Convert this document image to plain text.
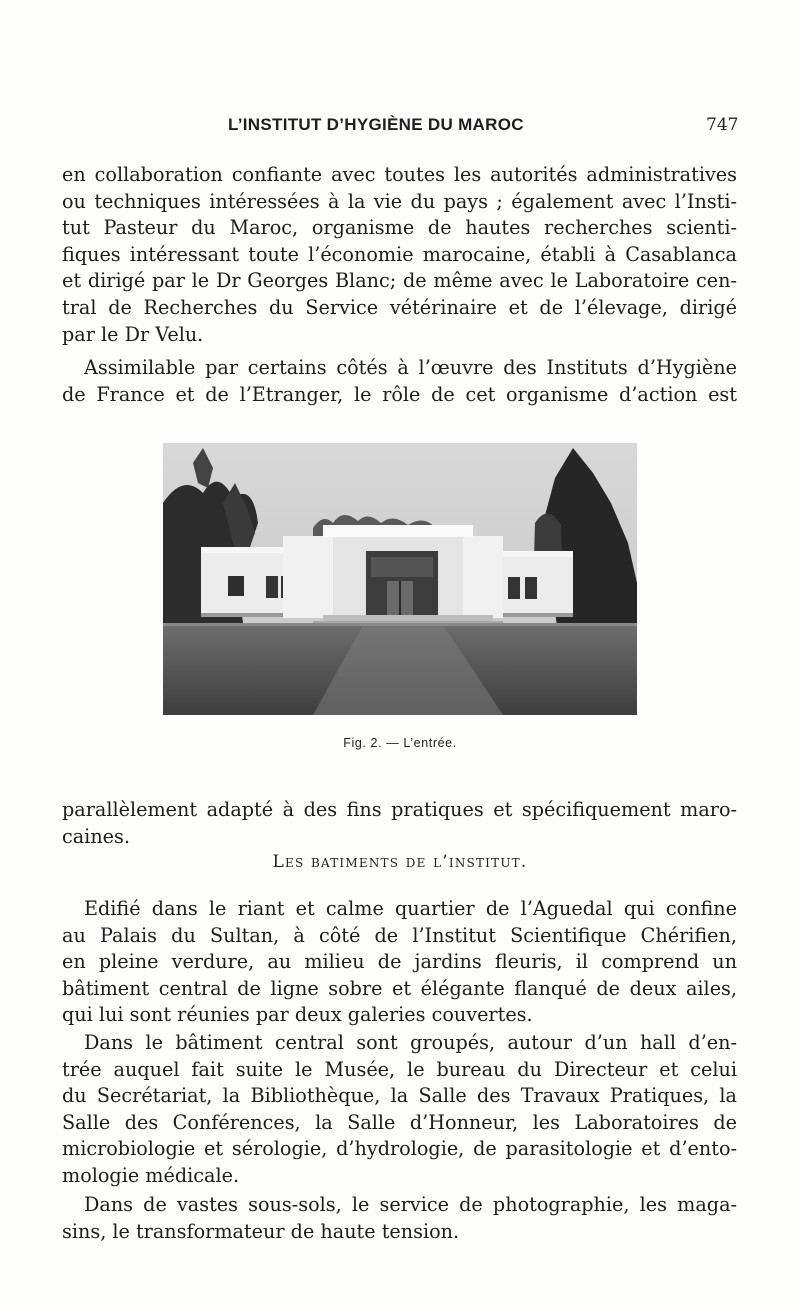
L’INSTITUT D’HYGIÈNE DU MAROC	747

en collaboration confiante avec toutes les autorités administratives
ou techniques intéressées à la vie du pays ; également avec l’Insti-
tut Pasteur du Maroc, organisme de hautes recherches scienti-
fiques intéressant toute l’économie marocaine, établi à Casablanca
et dirigé par le Dr Georges Blanc; de même avec le Laboratoire cen-
tral de Recherches du Service vétérinaire et de l’élevage, dirigé
par le Dr Velu.

Assimilable par certains côtés à l’œuvre des Instituts d’Hygiène
de France et de l’Etranger, le rôle de cet organisme d’action est

Fig. 2. — L’entrée.

parallèlement adapté à des fins pratiques et spécifiquement maro-
caines.

Les batiments de l’institut.

Edifié dans le riant et calme quartier de l’Aguedal qui confine
au Palais du Sultan, à côté de l’Institut Scientifique Chérifien,
en pleine verdure, au milieu de jardins fleuris, il comprend un
bâtiment central de ligne sobre et élégante flanqué de deux ailes,
qui lui sont réunies par deux galeries couvertes.

Dans le bâtiment central sont groupés, autour d’un hall d’en-
trée auquel fait suite le Musée, le bureau du Directeur et celui
du Secrétariat, la Bibliothèque, la Salle des Travaux Pratiques, la
Salle des Conférences, la Salle d’Honneur, les Laboratoires de
microbiologie et sérologie, d’hydrologie, de parasitologie et d’ento-
mologie médicale.

Dans de vastes sous-sols, le service de photographie, les maga-
sins, le transformateur de haute tension.
